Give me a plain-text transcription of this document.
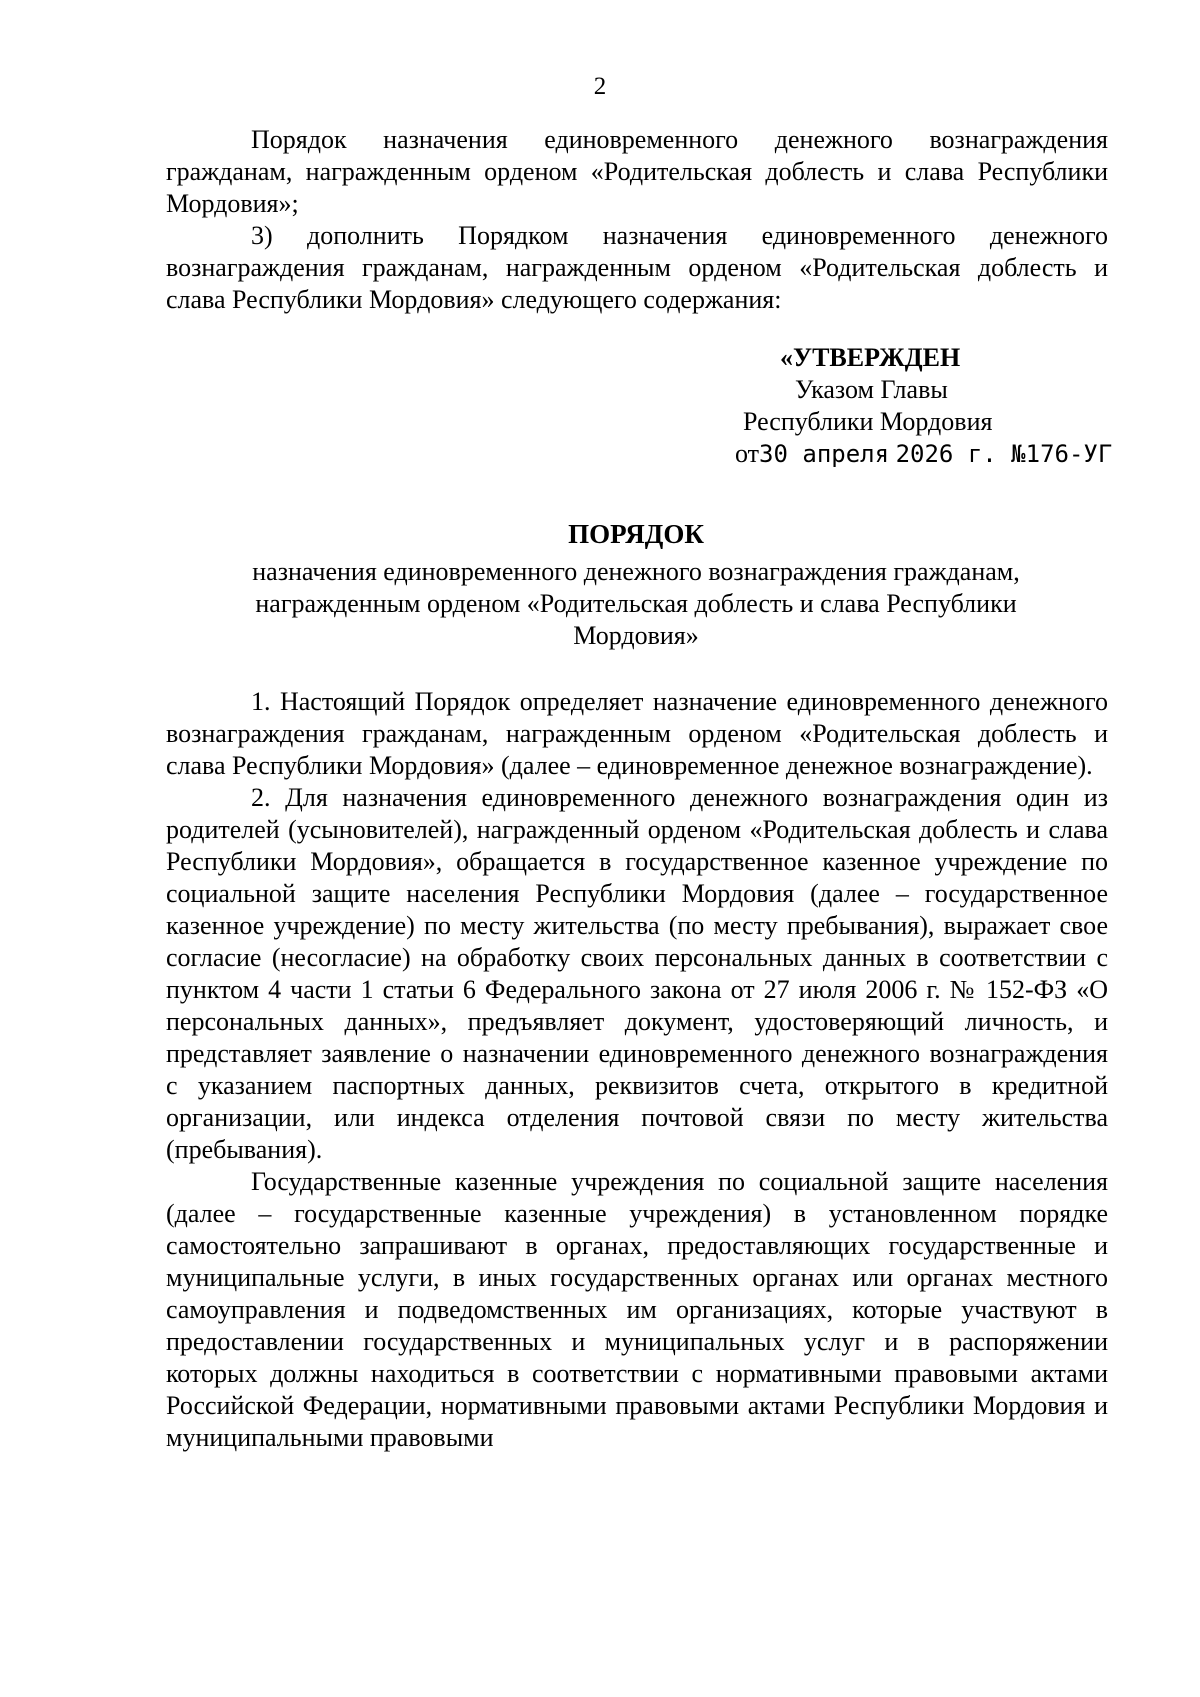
2

Порядок назначения единовременного денежного вознаграждения гражданам, награжденным орденом «Родительская доблесть и слава Республики Мордовия»;

3) дополнить Порядком назначения единовременного денежного вознаграждения гражданам, награжденным орденом «Родительская доблесть и слава Республики Мордовия» следующего содержания:

«УТВЕРЖДЕН
Указом Главы
Республики Мордовия
от30 апреля 2026 г. №176-УГ

ПОРЯДОК

назначения единовременного денежного вознаграждения гражданам, награжденным орденом «Родительская доблесть и слава Республики Мордовия»

1. Настоящий Порядок определяет назначение единовременного денежного вознаграждения гражданам, награжденным орденом «Родительская доблесть и слава Республики Мордовия» (далее – единовременное денежное вознаграждение).

2. Для назначения единовременного денежного вознаграждения один из родителей (усыновителей), награжденный орденом «Родительская доблесть и слава Республики Мордовия», обращается в государственное казенное учреждение по социальной защите населения Республики Мордовия (далее – государственное казенное учреждение) по месту жительства (по месту пребывания), выражает свое согласие (несогласие) на обработку своих персональных данных в соответствии с пунктом 4 части 1 статьи 6 Федерального закона от 27 июля 2006 г. № 152-ФЗ «О персональных данных», предъявляет документ, удостоверяющий личность, и представляет заявление о назначении единовременного денежного вознаграждения с указанием паспортных данных, реквизитов счета, открытого в кредитной организации, или индекса отделения почтовой связи по месту жительства (пребывания).

Государственные казенные учреждения по социальной защите населения (далее – государственные казенные учреждения) в установленном порядке самостоятельно запрашивают в органах, предоставляющих государственные и муниципальные услуги, в иных государственных органах или органах местного самоуправления и подведомственных им организациях, которые участвуют в предоставлении государственных и муниципальных услуг и в распоряжении которых должны находиться в соответствии с нормативными правовыми актами Российской Федерации, нормативными правовыми актами Республики Мордовия и муниципальными правовыми
